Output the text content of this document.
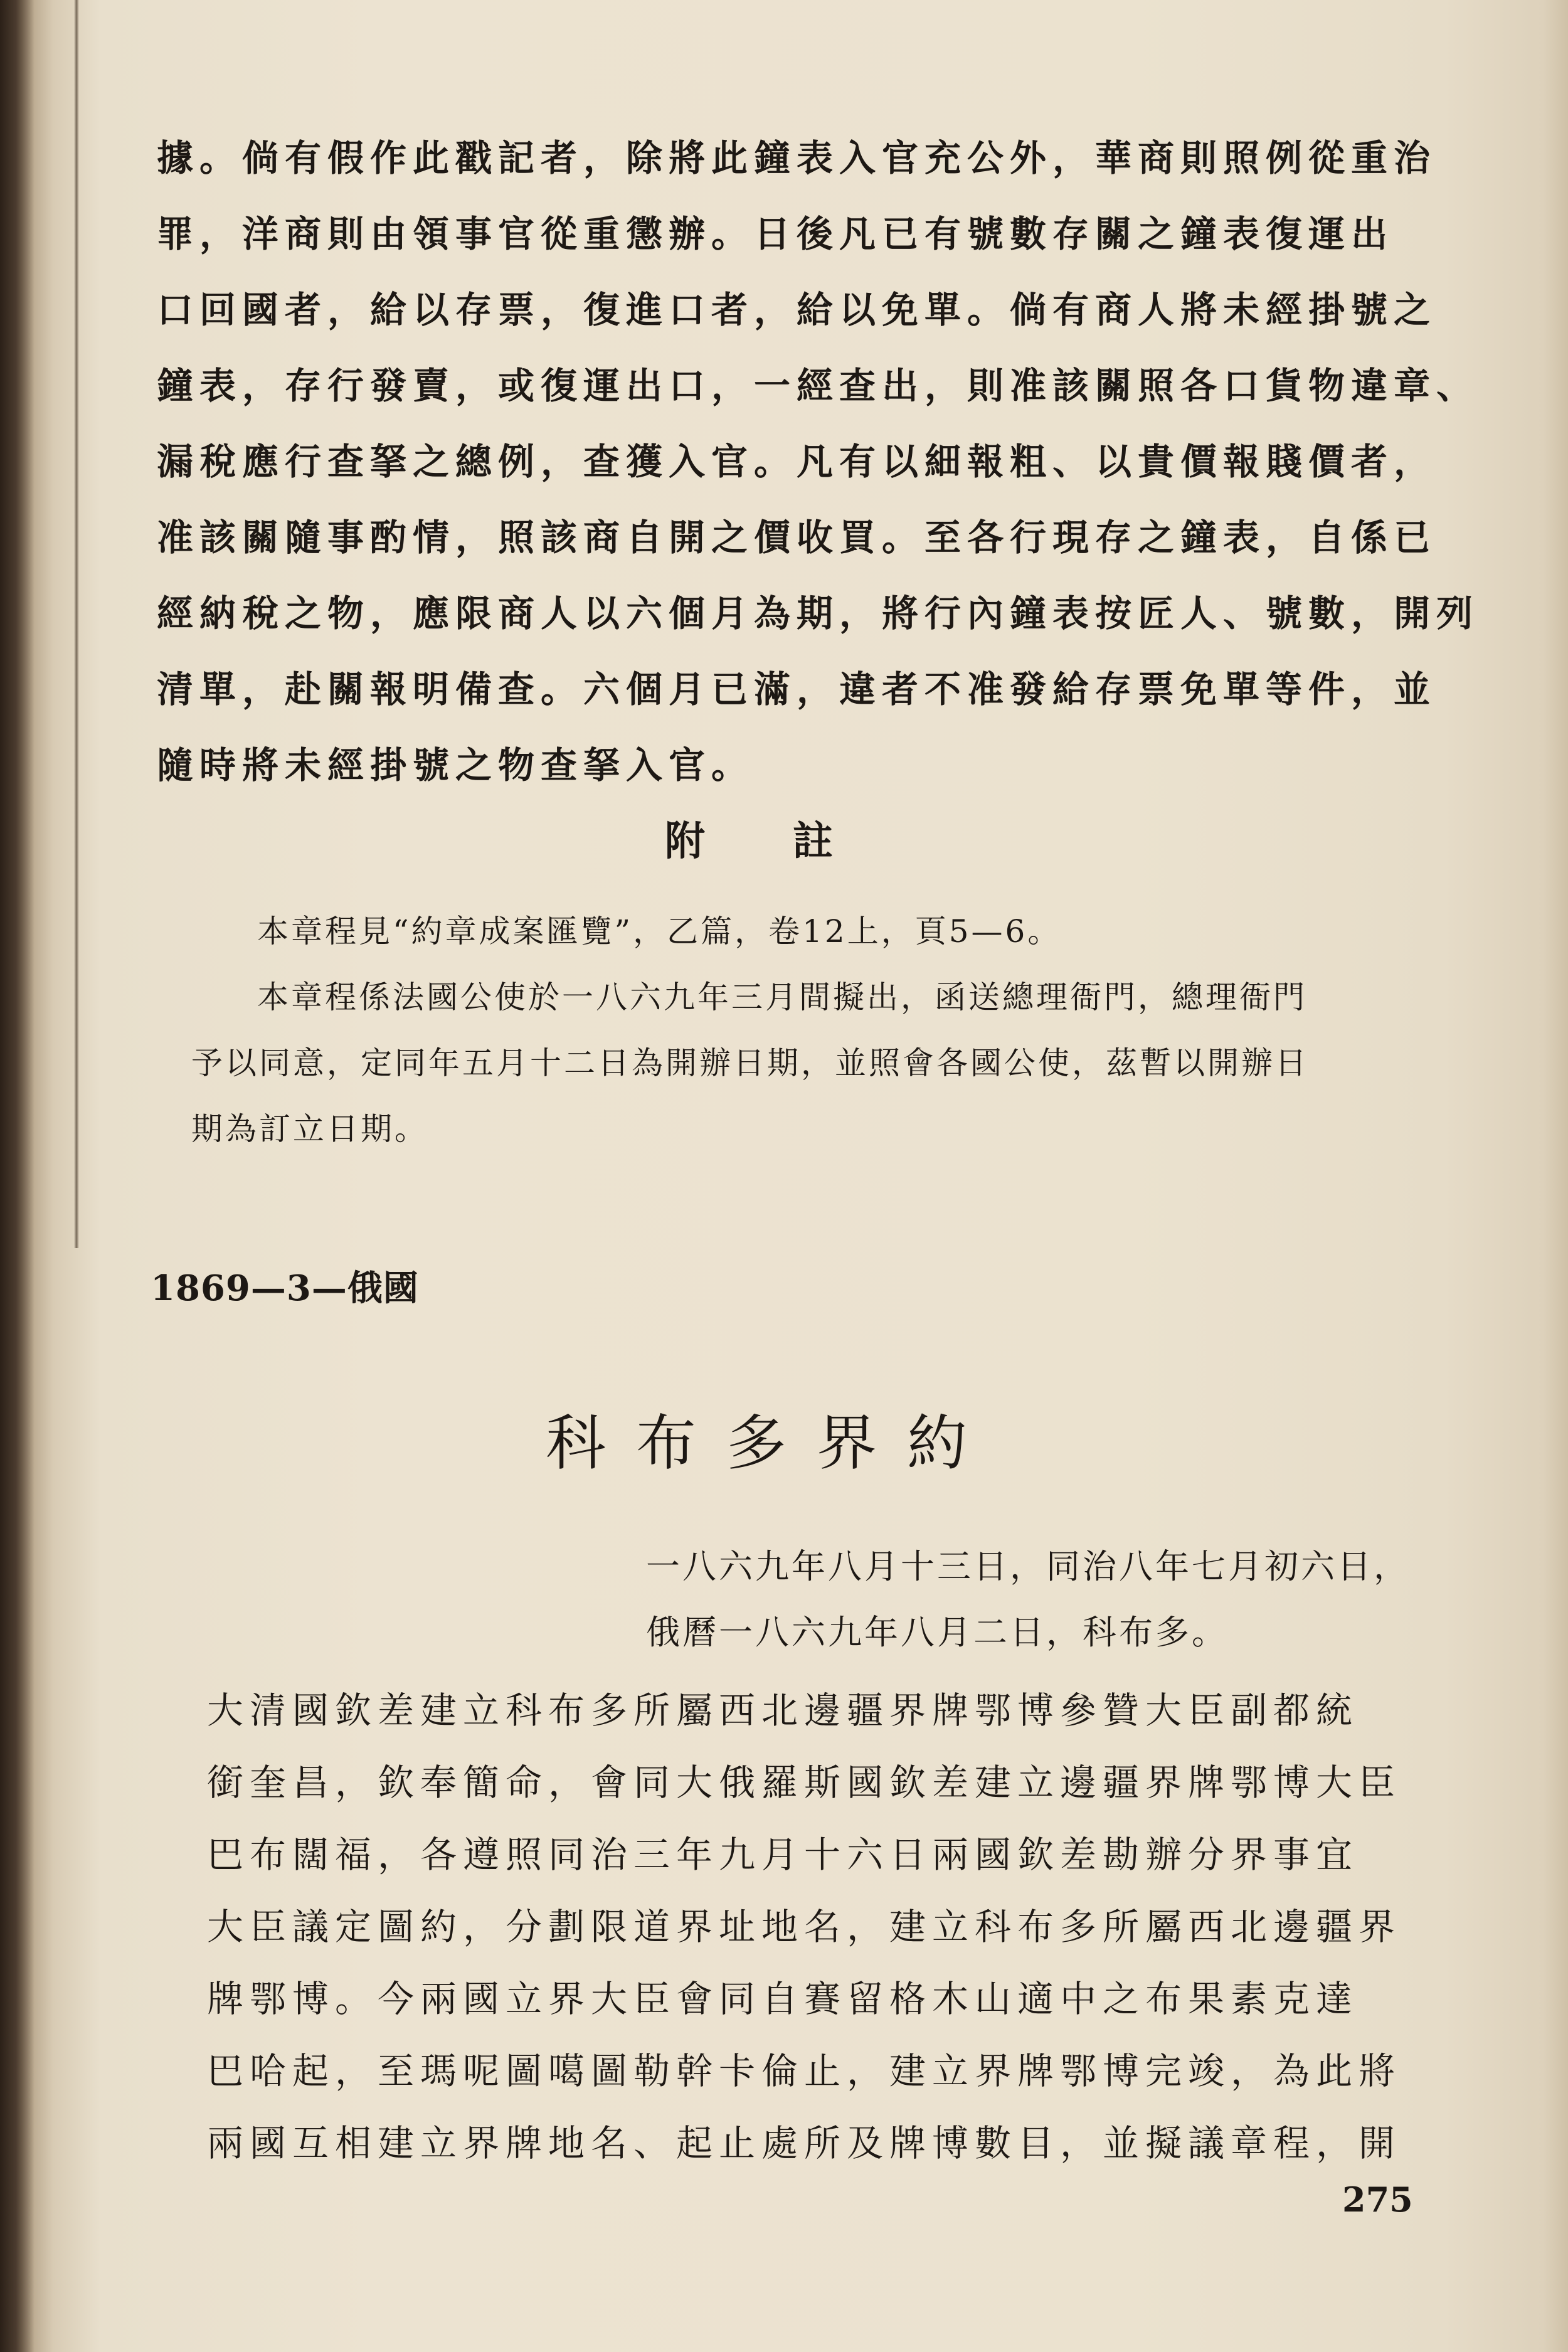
據。倘有假作此戳記者，除將此鐘表入官充公外，華商則照例從重治
罪，洋商則由領事官從重懲辦。日後凡已有號數存關之鐘表復運出
口回國者，給以存票，復進口者，給以免單。倘有商人將未經掛號之
鐘表，存行發賣，或復運出口，一經查出，則准該關照各口貨物違章、
漏稅應行查拏之總例，查獲入官。凡有以細報粗、以貴價報賤價者，
准該關隨事酌情，照該商自開之價收買。至各行現存之鐘表，自係已
經納稅之物，應限商人以六個月為期，將行內鐘表按匠人、號數，開列
清單，赴關報明備查。六個月已滿，違者不准發給存票免單等件，並
隨時將未經掛號之物查拏入官。
附註
本章程見“約章成案匯覽”，乙篇，卷12上，頁5—6。
本章程係法國公使於一八六九年三月間擬出，函送總理衙門，總理衙門
予以同意，定同年五月十二日為開辦日期，並照會各國公使，茲暫以開辦日
期為訂立日期。
1869—3—俄國
科布多界約
一八六九年八月十三日，同治八年七月初六日，
俄曆一八六九年八月二日，科布多。
大清國欽差建立科布多所屬西北邊疆界牌鄂博參贊大臣副都統
銜奎昌，欽奉簡命，會同大俄羅斯國欽差建立邊疆界牌鄂博大臣
巴布闊福，各遵照同治三年九月十六日兩國欽差勘辦分界事宜
大臣議定圖約，分劃限道界址地名，建立科布多所屬西北邊疆界
牌鄂博。今兩國立界大臣會同自賽留格木山適中之布果素克達
巴哈起，至瑪呢圖噶圖勒幹卡倫止，建立界牌鄂博完竣，為此將
兩國互相建立界牌地名、起止處所及牌博數目，並擬議章程，開
275
